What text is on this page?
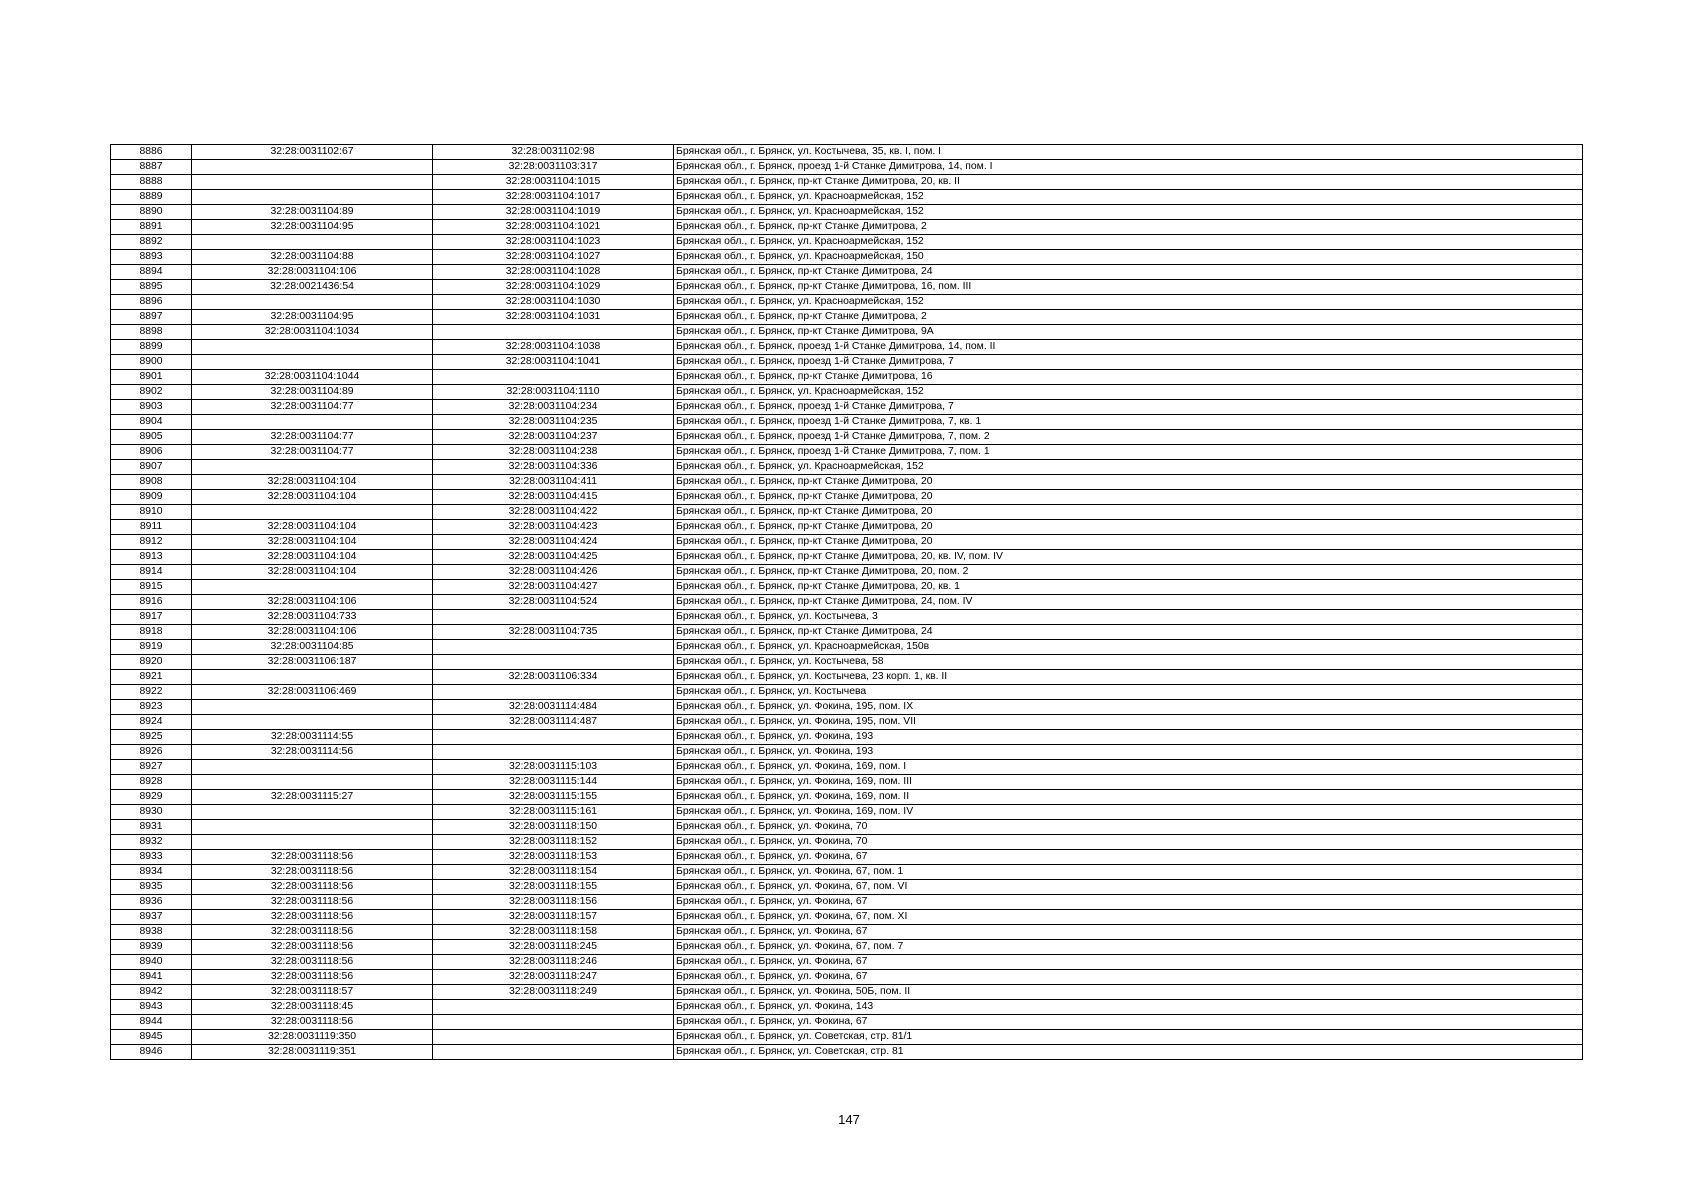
8886	32:28:0031102:67	32:28:0031102:98	Брянская обл., г. Брянск, ул. Костычева, 35, кв. I, пом. I
8887		32:28:0031103:317	Брянская обл., г. Брянск, проезд 1-й Станке Димитрова, 14, пом. I
8888		32:28:0031104:1015	Брянская обл., г. Брянск, пр-кт Станке Димитрова, 20, кв. II
8889		32:28:0031104:1017	Брянская обл., г. Брянск, ул. Красноармейская, 152
8890	32:28:0031104:89	32:28:0031104:1019	Брянская обл., г. Брянск, ул. Красноармейская, 152
8891	32:28:0031104:95	32:28:0031104:1021	Брянская обл., г. Брянск, пр-кт Станке Димитрова, 2
8892		32:28:0031104:1023	Брянская обл., г. Брянск, ул. Красноармейская, 152
8893	32:28:0031104:88	32:28:0031104:1027	Брянская обл., г. Брянск, ул. Красноармейская, 150
8894	32:28:0031104:106	32:28:0031104:1028	Брянская обл., г. Брянск, пр-кт Станке Димитрова, 24
8895	32:28:0021436:54	32:28:0031104:1029	Брянская обл., г. Брянск, пр-кт Станке Димитрова, 16, пом. III
8896		32:28:0031104:1030	Брянская обл., г. Брянск, ул. Красноармейская, 152
8897	32:28:0031104:95	32:28:0031104:1031	Брянская обл., г. Брянск, пр-кт Станке Димитрова, 2
8898	32:28:0031104:1034		Брянская обл., г. Брянск, пр-кт Станке Димитрова, 9А
8899		32:28:0031104:1038	Брянская обл., г. Брянск, проезд 1-й Станке Димитрова, 14, пом. II
8900		32:28:0031104:1041	Брянская обл., г. Брянск, проезд 1-й Станке Димитрова, 7
8901	32:28:0031104:1044		Брянская обл., г. Брянск, пр-кт Станке Димитрова, 16
8902	32:28:0031104:89	32:28:0031104:1110	Брянская обл., г. Брянск, ул. Красноармейская, 152
8903	32:28:0031104:77	32:28:0031104:234	Брянская обл., г. Брянск, проезд 1-й Станке Димитрова, 7
8904		32:28:0031104:235	Брянская обл., г. Брянск, проезд 1-й Станке Димитрова, 7, кв. 1
8905	32:28:0031104:77	32:28:0031104:237	Брянская обл., г. Брянск, проезд 1-й Станке Димитрова, 7, пом. 2
8906	32:28:0031104:77	32:28:0031104:238	Брянская обл., г. Брянск, проезд 1-й Станке Димитрова, 7, пом. 1
8907		32:28:0031104:336	Брянская обл., г. Брянск, ул. Красноармейская, 152
8908	32:28:0031104:104	32:28:0031104:411	Брянская обл., г. Брянск, пр-кт Станке Димитрова, 20
8909	32:28:0031104:104	32:28:0031104:415	Брянская обл., г. Брянск, пр-кт Станке Димитрова, 20
8910		32:28:0031104:422	Брянская обл., г. Брянск, пр-кт Станке Димитрова, 20
8911	32:28:0031104:104	32:28:0031104:423	Брянская обл., г. Брянск, пр-кт Станке Димитрова, 20
8912	32:28:0031104:104	32:28:0031104:424	Брянская обл., г. Брянск, пр-кт Станке Димитрова, 20
8913	32:28:0031104:104	32:28:0031104:425	Брянская обл., г. Брянск, пр-кт Станке Димитрова, 20, кв. IV, пом. IV
8914	32:28:0031104:104	32:28:0031104:426	Брянская обл., г. Брянск, пр-кт Станке Димитрова, 20, пом. 2
8915		32:28:0031104:427	Брянская обл., г. Брянск, пр-кт Станке Димитрова, 20, кв. 1
8916	32:28:0031104:106	32:28:0031104:524	Брянская обл., г. Брянск, пр-кт Станке Димитрова, 24, пом. IV
8917	32:28:0031104:733		Брянская обл., г. Брянск, ул. Костычева, 3
8918	32:28:0031104:106	32:28:0031104:735	Брянская обл., г. Брянск, пр-кт Станке Димитрова, 24
8919	32:28:0031104:85		Брянская обл., г. Брянск, ул. Красноармейская, 150в
8920	32:28:0031106:187		Брянская обл., г. Брянск, ул. Костычева, 58
8921		32:28:0031106:334	Брянская обл., г. Брянск, ул. Костычева, 23 корп. 1, кв. II
8922	32:28:0031106:469		Брянская обл., г. Брянск, ул. Костычева
8923		32:28:0031114:484	Брянская обл., г. Брянск, ул. Фокина, 195, пом. IX
8924		32:28:0031114:487	Брянская обл., г. Брянск, ул. Фокина, 195, пом. VII
8925	32:28:0031114:55		Брянская обл., г. Брянск, ул. Фокина, 193
8926	32:28:0031114:56		Брянская обл., г. Брянск, ул. Фокина, 193
8927		32:28:0031115:103	Брянская обл., г. Брянск, ул. Фокина, 169, пом. I
8928		32:28:0031115:144	Брянская обл., г. Брянск, ул. Фокина, 169, пом. III
8929	32:28:0031115:27	32:28:0031115:155	Брянская обл., г. Брянск, ул. Фокина, 169, пом. II
8930		32:28:0031115:161	Брянская обл., г. Брянск, ул. Фокина, 169, пом. IV
8931		32:28:0031118:150	Брянская обл., г. Брянск, ул. Фокина, 70
8932		32:28:0031118:152	Брянская обл., г. Брянск, ул. Фокина, 70
8933	32:28:0031118:56	32:28:0031118:153	Брянская обл., г. Брянск, ул. Фокина, 67
8934	32:28:0031118:56	32:28:0031118:154	Брянская обл., г. Брянск, ул. Фокина, 67, пом. 1
8935	32:28:0031118:56	32:28:0031118:155	Брянская обл., г. Брянск, ул. Фокина, 67, пом. VI
8936	32:28:0031118:56	32:28:0031118:156	Брянская обл., г. Брянск, ул. Фокина, 67
8937	32:28:0031118:56	32:28:0031118:157	Брянская обл., г. Брянск, ул. Фокина, 67, пом. XI
8938	32:28:0031118:56	32:28:0031118:158	Брянская обл., г. Брянск, ул. Фокина, 67
8939	32:28:0031118:56	32:28:0031118:245	Брянская обл., г. Брянск, ул. Фокина, 67, пом. 7
8940	32:28:0031118:56	32:28:0031118:246	Брянская обл., г. Брянск, ул. Фокина, 67
8941	32:28:0031118:56	32:28:0031118:247	Брянская обл., г. Брянск, ул. Фокина, 67
8942	32:28:0031118:57	32:28:0031118:249	Брянская обл., г. Брянск, ул. Фокина, 50Б, пом. II
8943	32:28:0031118:45		Брянская обл., г. Брянск, ул. Фокина, 143
8944	32:28:0031118:56		Брянская обл., г. Брянск, ул. Фокина, 67
8945	32:28:0031119:350		Брянская обл., г. Брянск, ул. Советская, стр. 81/1
8946	32:28:0031119:351		Брянская обл., г. Брянск, ул. Советская, стр. 81
147
